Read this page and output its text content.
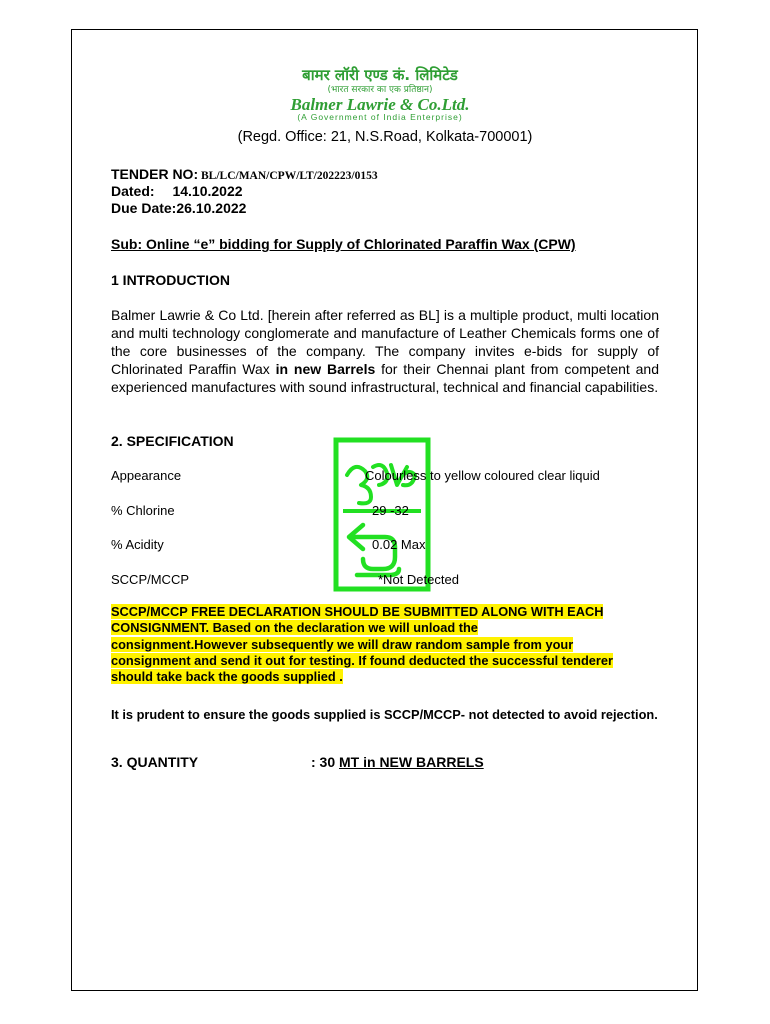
बामर लॉरी एण्ड कं. लिमिटेड
(भारत सरकार का एक प्रतिष्ठान)
Balmer Lawrie & Co.Ltd.
(A Government of India Enterprise)
(Regd. Office: 21, N.S.Road, Kolkata-700001)
TENDER NO: BL/LC/MAN/CPW/LT/202223/0153
Dated: 14.10.2022
Due Date:26.10.2022
Sub: Online “e” bidding for Supply of Chlorinated Paraffin Wax (CPW)
1 INTRODUCTION
Balmer Lawrie & Co Ltd. [herein after referred as BL] is a multiple product, multi location and multi technology conglomerate and manufacture of Leather Chemicals forms one of the core businesses of the company. The company invites e-bids for supply of Chlorinated Paraffin Wax in new Barrels for their Chennai plant from competent and experienced manufactures with sound infrastructural, technical and financial capabilities.
2. SPECIFICATION
Appearance	Colourless to yellow coloured clear liquid
% Chlorine	29 -32
% Acidity	0.02 Max
SCCP/MCCP	*Not Detected
SCCP/MCCP FREE DECLARATION SHOULD BE SUBMITTED ALONG WITH EACH
CONSIGNMENT. Based on the declaration we will unload the
consignment.However subsequently we will draw random sample from your
consignment and send it out for testing. If found deducted the successful tenderer
should take back the goods supplied .
It is prudent to ensure the goods supplied is SCCP/MCCP- not detected to avoid rejection.
3. QUANTITY	: 30 MT in NEW BARRELS
